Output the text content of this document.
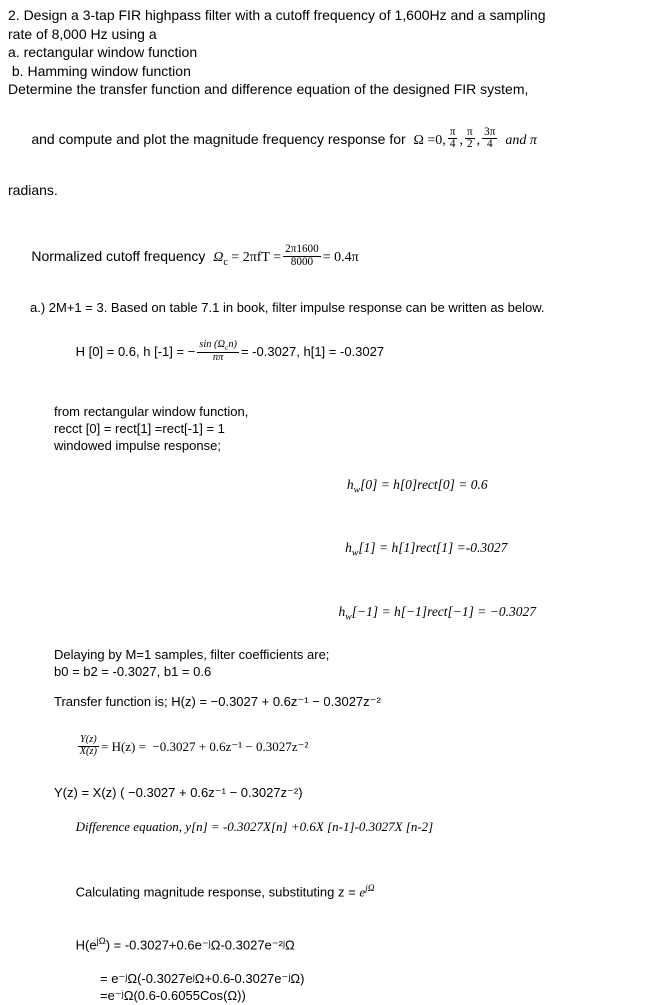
2. Design a 3-tap FIR highpass filter with a cutoff frequency of 1,600Hz and a sampling
rate of 8,000 Hz using a
a. rectangular window function
b. Hamming window function
Determine the transfer function and difference equation of the designed FIR system,

and compute and plot the magnitude frequency response for  Ω =0, $\frac{\pi}{4}$ , $\frac{\pi}{2}$ , $\frac{3\pi}{4}$ and π

radians.

Normalized cutoff frequency  $\Omega_c = 2\pi fT = \frac{2\pi 1600}{8000} = 0.4\pi$

a.) 2M+1 = 3. Based on table 7.1 in book, filter impulse response can be written as below.

H [0] = 0.6, h [-1] = − $\frac{\sin (\Omega_cn)}{n\pi} = -0.3027$, h[1] = -0.3027

from rectangular window function,
recct [0] = rect[1] =rect[-1] = 1
windowed impulse response;

$h_w[0]$ = h[0]rect[0] = 0.6

$h_w[1]$ = h[1]rect[1] =-0.3027

$h_w[-1]$ = h[−1]rect[−1] = −0.3027

Delaying by M=1 samples, filter coefficients are;
b0 = b2 = -0.3027, b1 = 0.6
Transfer function is; H(z) = −0.3027 + 0.6z⁻¹ − 0.3027z⁻²

$\frac{Y(z)}{X(z)} = H(z) = -0.3027 + 0.6z^{-1} - 0.3027z^{-2}$

Y(z) = X(z) ( −0.3027 + 0.6z⁻¹ − 0.3027z⁻²)

Difference equation, y[n] = -0.3027X[n] +0.6X [n-1]-0.3027X [n-2]

Calculating magnitude response, substituting $z = e^{j\Omega}$

$H(e^{j\Omega})$ = -0.3027+0.6e⁻ʲΩ-0.3027e⁻²ʲΩ

= e⁻ʲΩ(-0.3027eʲΩ+0.6-0.3027e⁻ʲΩ)
=e⁻ʲΩ(0.6-0.6055Cos(Ω))
